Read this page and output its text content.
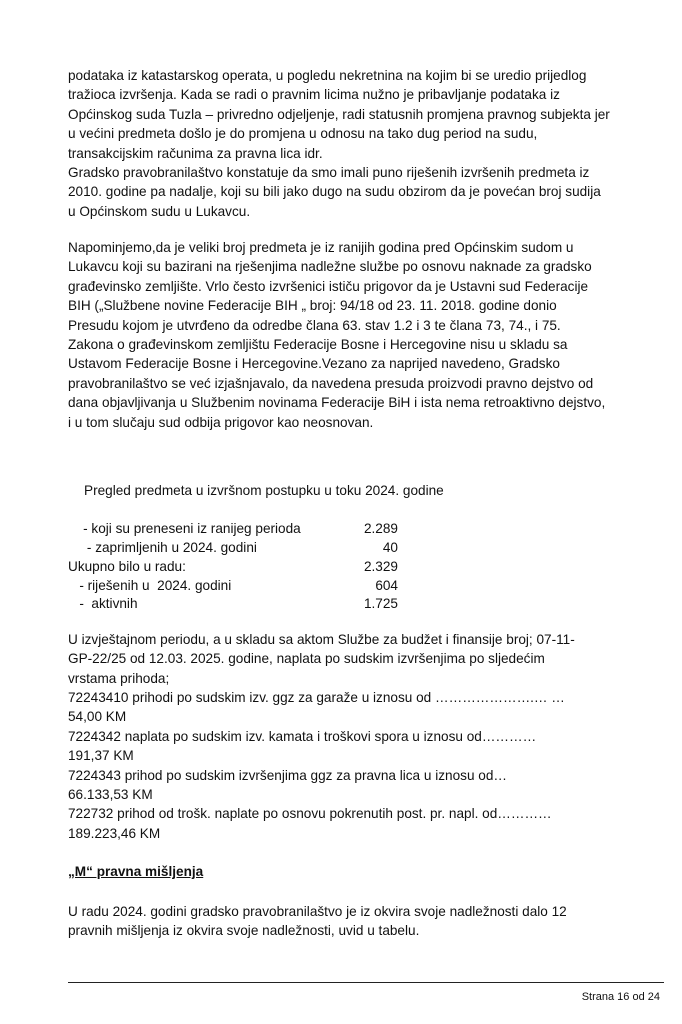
podataka iz katastarskog operata, u pogledu nekretnina na kojim bi se uredio prijedlog

tražioca izvršenja. Kada se radi o pravnim licima nužno je pribavljanje podataka iz

Općinskog suda Tuzla – privredno odjeljenje, radi statusnih promjena pravnog subjekta jer

u većini predmeta došlo je do promjena u odnosu na tako dug period na sudu,

transakcijskim računima za pravna lica idr.

Gradsko pravobranilaštvo konstatuje da smo imali puno riješenih izvršenih predmeta iz

2010. godine pa nadalje, koji su bili jako dugo na sudu obzirom da je povećan broj sudija

u Općinskom sudu u Lukavcu.

Napominjemo,da je veliki broj predmeta je iz ranijih godina pred Općinskim sudom u

Lukavcu koji su bazirani na rješenjima nadležne službe po osnovu naknade za gradsko

građevinsko zemljište. Vrlo često izvršenici ističu prigovor da je Ustavni sud Federacije

BIH („Službene novine Federacije BIH „ broj: 94/18 od 23. 11. 2018. godine donio

Presudu kojom je utvrđeno da odredbe člana 63. stav 1.2 i 3 te člana 73, 74., i 75.

Zakona o građevinskom zemljištu Federacije Bosne i Hercegovine nisu u skladu sa

Ustavom Federacije Bosne i Hercegovine.Vezano za naprijed navedeno, Gradsko

pravobranilaštvo se već izjašnjavalo, da navedena presuda proizvodi pravno dejstvo od

dana objavljivanja u Službenim novinama Federacije BiH i ista nema retroaktivno dejstvo,

i u tom slučaju sud odbija prigovor kao neosnovan.

Pregled predmeta u izvršnom postupku u toku 2024. godine
- koji su preneseni iz ranijeg perioda	2.289
- zaprimljenih u 2024. godini	40
Ukupno bilo u radu:	2.329
- riješenih u  2024. godini	604
-  aktivnih	1.725

U izvještajnom periodu, a u skladu sa aktom Službe za budžet i finansije broj; 07-11-

GP-22/25 od 12.03. 2025. godine, naplata po sudskim izvršenjima po sljedećim

vrstama prihoda;

72243410 prihodi po sudskim izv. ggz za garaže u iznosu od ………………….… …

54,00 KM

7224342 naplata po sudskim izv. kamata i troškovi spora u iznosu od…………

191,37 KM

7224343 prihod po sudskim izvršenjima ggz za pravna lica u iznosu od…

66.133,53 KM

722732 prihod od trošk. naplate po osnovu pokrenutih post. pr. napl. od…………

189.223,46 KM

„M“ pravna mišljenja

U radu 2024. godini gradsko pravobranilaštvo je iz okvira svoje nadležnosti dalo 12

pravnih mišljenja iz okvira svoje nadležnosti, uvid u tabelu.

Strana 16 od 24
